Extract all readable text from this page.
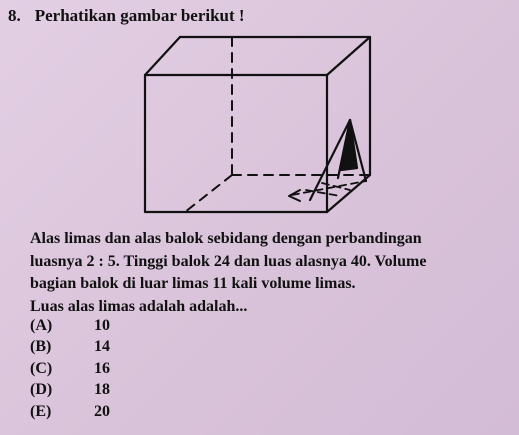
8. Perhatikan gambar berikut !
Alas limas dan alas balok sebidang dengan perbandingan
luasnya 2 : 5. Tinggi balok 24 dan luas alasnya 40. Volume
bagian balok di luar limas 11 kali volume limas.
Luas alas limas adalah adalah...
(A)	10
(B)	14
(C)	16
(D)	18
(E)	20
